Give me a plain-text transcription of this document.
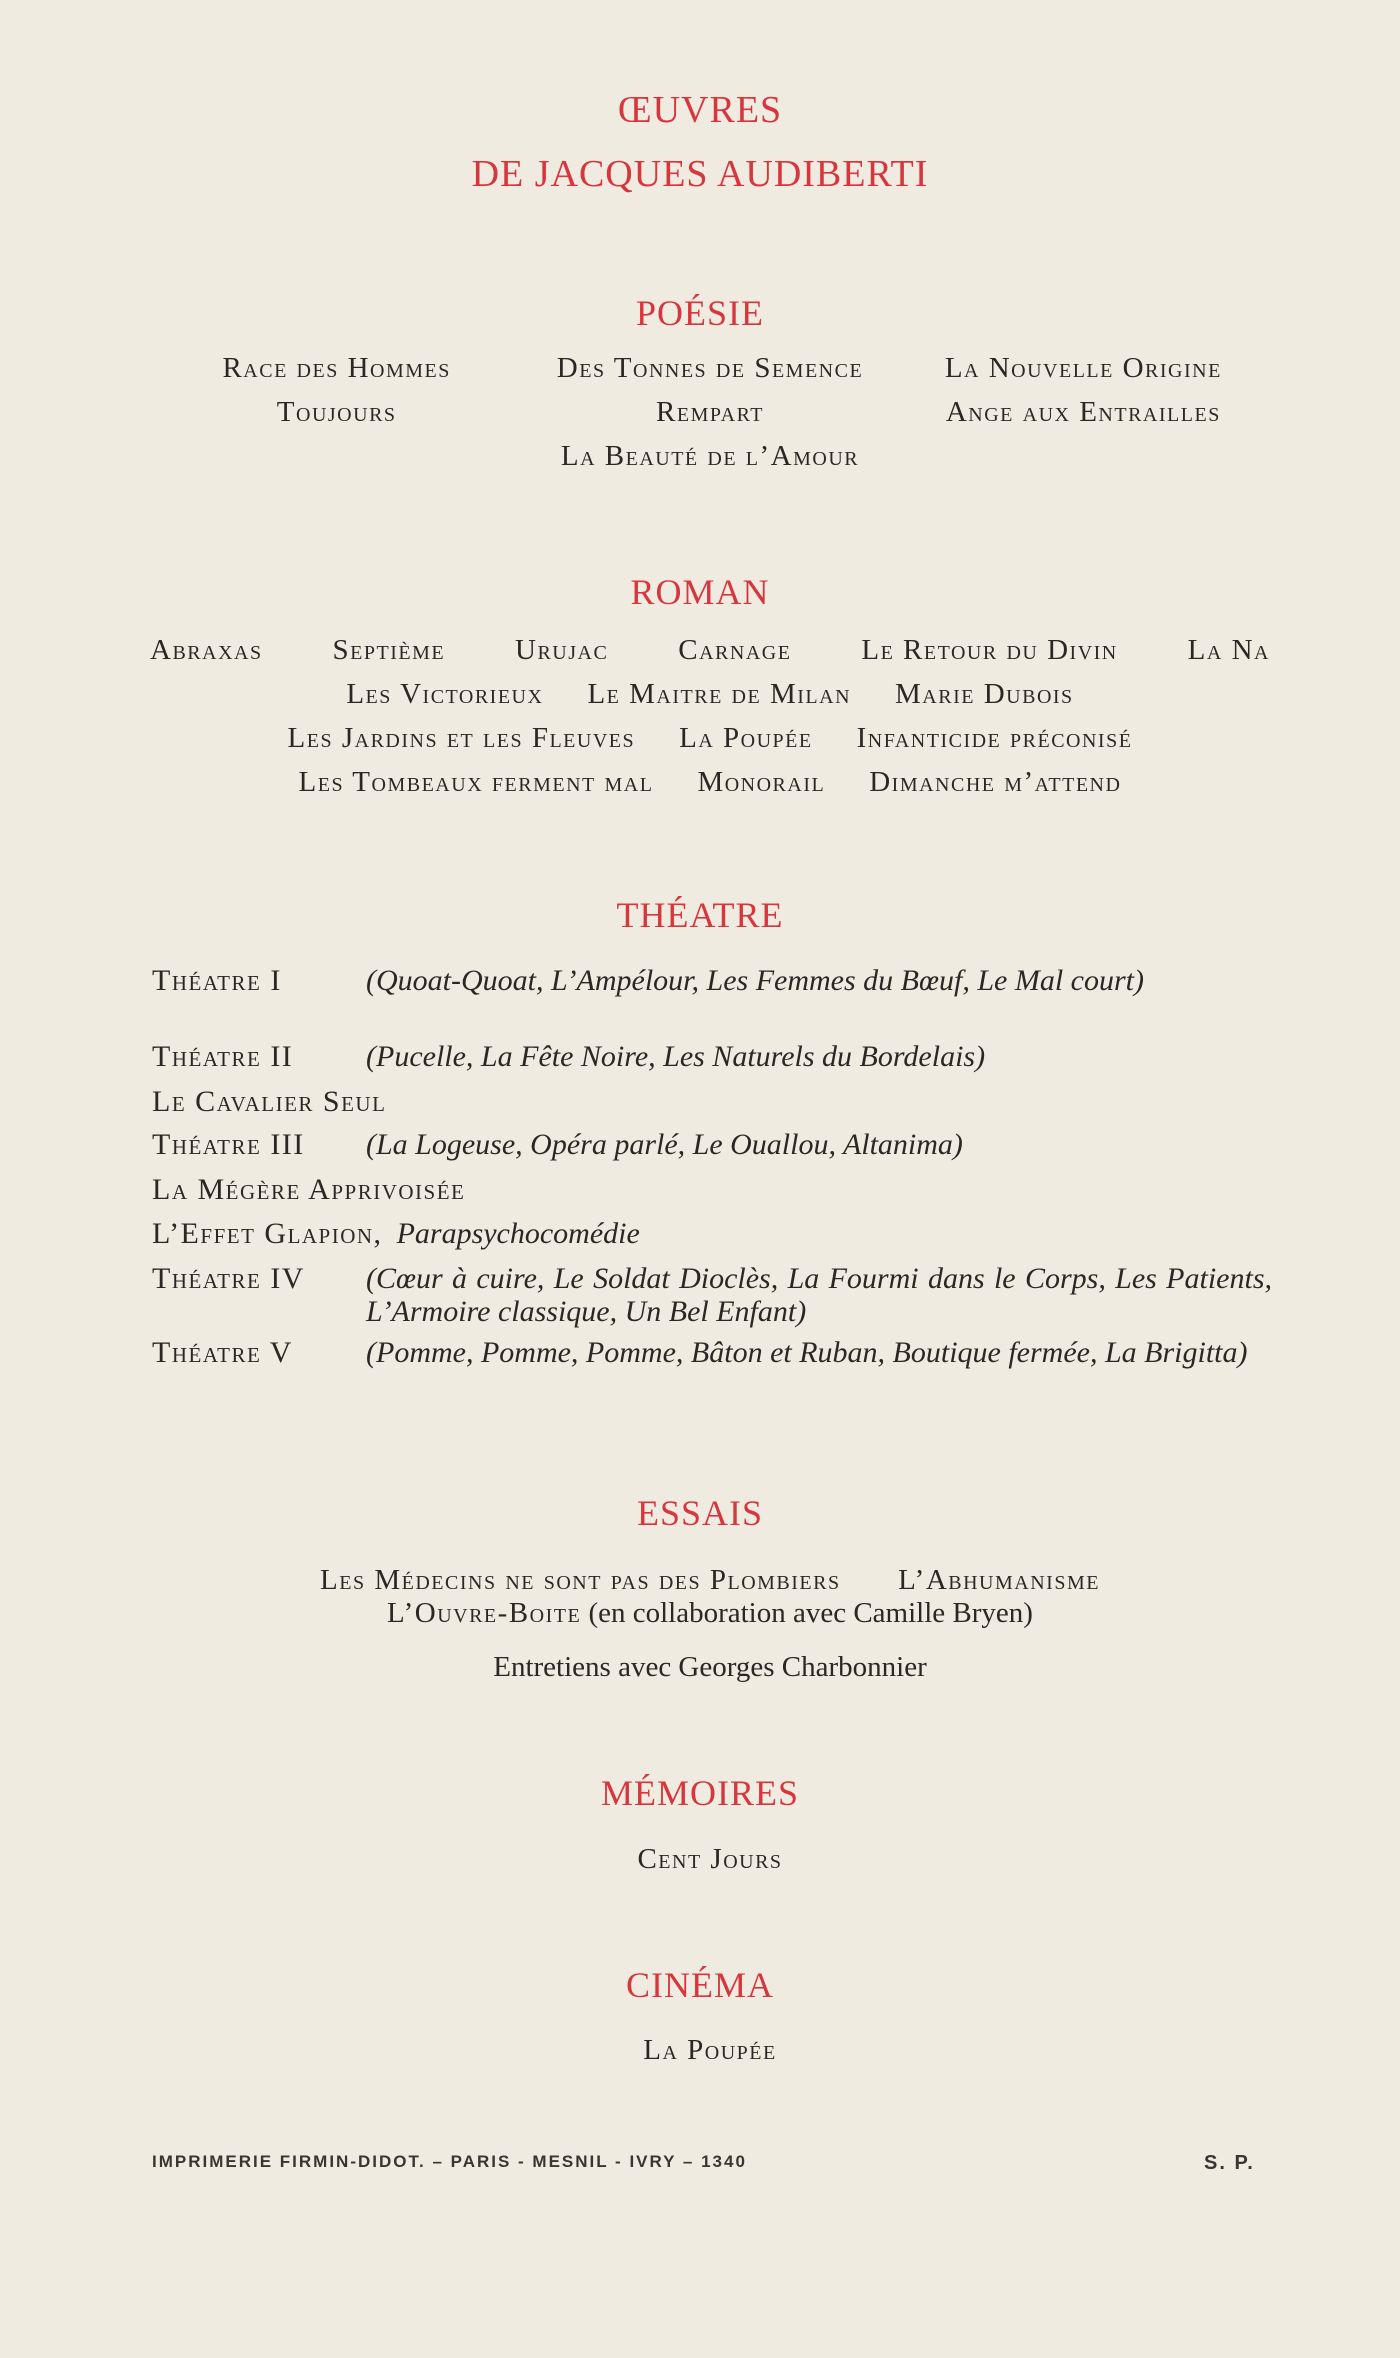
ŒUVRES
DE JACQUES AUDIBERTI
POÉSIE
Race des Hommes	Des Tonnes de Semence	La Nouvelle Origine
Toujours	Rempart	Ange aux Entrailles
La Beauté de l’Amour
ROMAN
Abraxas Septième Urujac Carnage Le Retour du Divin La Na
Les Victorieux Le Maitre de Milan Marie Dubois
Les Jardins et les Fleuves La Poupée Infanticide préconisé
Les Tombeaux ferment mal Monorail Dimanche m’attend
THÉATRE
Théatre I	(Quoat-Quoat, L’Ampélour, Les Femmes du Bœuf, Le Mal court)
Théatre II	(Pucelle, La Fête Noire, Les Naturels du Bordelais)
Le Cavalier Seul
Théatre III	(La Logeuse, Opéra parlé, Le Ouallou, Altanima)
La Mégère Apprivoisée
L’Effet Glapion, Parapsychocomédie
Théatre IV	(Cœur à cuire, Le Soldat Dioclès, La Fourmi dans le Corps, Les Patients, L’Armoire classique, Un Bel Enfant)
Théatre V	(Pomme, Pomme, Pomme, Bâton et Ruban, Boutique fermée, La Brigitta)
ESSAIS
Les Médecins ne sont pas des Plombiers L’Abhumanisme
L’Ouvre-Boite (en collaboration avec Camille Bryen)
Entretiens avec Georges Charbonnier
MÉMOIRES
Cent Jours
CINÉMA
La Poupée
IMPRIMERIE FIRMIN-DIDOT. – PARIS - MESNIL - IVRY – 1340	S. P.
